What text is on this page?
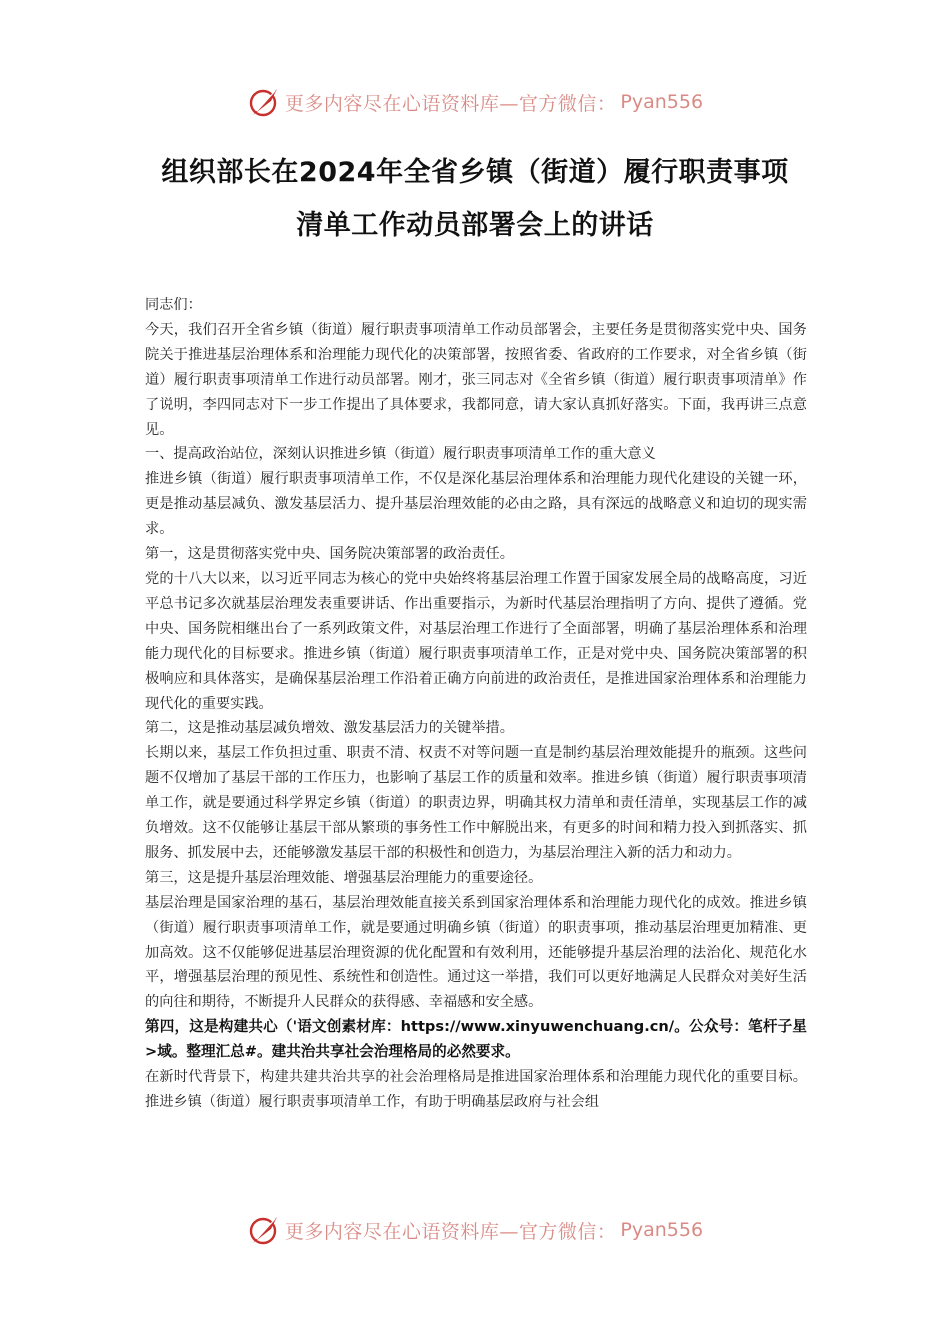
更多内容尽在心语资料库—官方微信： Pyan556
组织部长在2024年全省乡镇（街道）履行职责事项
清单工作动员部署会上的讲话

同志们：

今天，我们召开全省乡镇（街道）履行职责事项清单工作动员部署会，主要任务是贯彻落实党中央、国务院关于推进基层治理体系和治理能力现代化的决策部署，按照省委、省政府的工作要求，对全省乡镇（街道）履行职责事项清单工作进行动员部署。刚才，张三同志对《全省乡镇（街道）履行职责事项清单》作了说明，李四同志对下一步工作提出了具体要求，我都同意，请大家认真抓好落实。下面，我再讲三点意见。

一、提高政治站位，深刻认识推进乡镇（街道）履行职责事项清单工作的重大意义

推进乡镇（街道）履行职责事项清单工作，不仅是深化基层治理体系和治理能力现代化建设的关键一环，更是推动基层减负、激发基层活力、提升基层治理效能的必由之路，具有深远的战略意义和迫切的现实需求。

第一，这是贯彻落实党中央、国务院决策部署的政治责任。

党的十八大以来，以习近平同志为核心的党中央始终将基层治理工作置于国家发展全局的战略高度，习近平总书记多次就基层治理发表重要讲话、作出重要指示，为新时代基层治理指明了方向、提供了遵循。党中央、国务院相继出台了一系列政策文件，对基层治理工作进行了全面部署，明确了基层治理体系和治理能力现代化的目标要求。推进乡镇（街道）履行职责事项清单工作，正是对党中央、国务院决策部署的积极响应和具体落实，是确保基层治理工作沿着正确方向前进的政治责任，是推进国家治理体系和治理能力现代化的重要实践。

第二，这是推动基层减负增效、激发基层活力的关键举措。

长期以来，基层工作负担过重、职责不清、权责不对等问题一直是制约基层治理效能提升的瓶颈。这些问题不仅增加了基层干部的工作压力，也影响了基层工作的质量和效率。推进乡镇（街道）履行职责事项清单工作，就是要通过科学界定乡镇（街道）的职责边界，明确其权力清单和责任清单，实现基层工作的减负增效。这不仅能够让基层干部从繁琐的事务性工作中解脱出来，有更多的时间和精力投入到抓落实、抓服务、抓发展中去，还能够激发基层干部的积极性和创造力，为基层治理注入新的活力和动力。

第三，这是提升基层治理效能、增强基层治理能力的重要途径。

基层治理是国家治理的基石，基层治理效能直接关系到国家治理体系和治理能力现代化的成效。推进乡镇（街道）履行职责事项清单工作，就是要通过明确乡镇（街道）的职责事项，推动基层治理更加精准、更加高效。这不仅能够促进基层治理资源的优化配置和有效利用，还能够提升基层治理的法治化、规范化水平，增强基层治理的预见性、系统性和创造性。通过这一举措，我们可以更好地满足人民群众对美好生活的向往和期待，不断提升人民群众的获得感、幸福感和安全感。

第四，这是构建共心（'语文创素材库：https://www.xinyuwenchuang.cn/。公众号：笔杆子星>域。整理汇总#。建共治共享社会治理格局的必然要求。

在新时代背景下，构建共建共治共享的社会治理格局是推进国家治理体系和治理能力现代化的重要目标。推进乡镇（街道）履行职责事项清单工作，有助于明确基层政府与社会组

更多内容尽在心语资料库—官方微信： Pyan556
